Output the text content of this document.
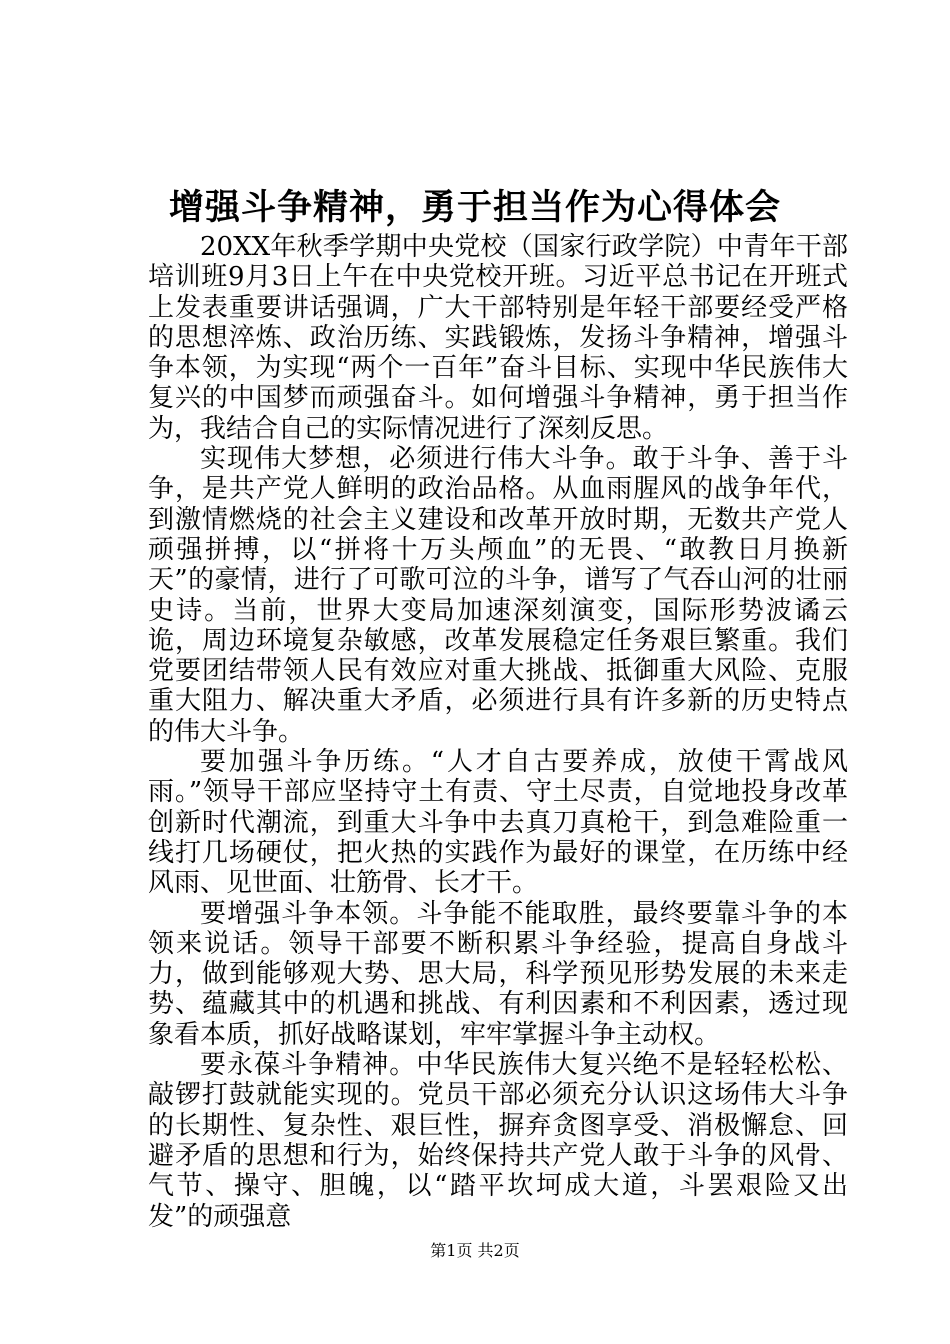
增强斗争精神，勇于担当作为心得体会

20XX年秋季学期中央党校（国家行政学院）中青年干部培训班9月3日上午在中央党校开班。习近平总书记在开班式上发表重要讲话强调，广大干部特别是年轻干部要经受严格的思想淬炼、政治历练、实践锻炼，发扬斗争精神，增强斗争本领，为实现“两个一百年”奋斗目标、实现中华民族伟大复兴的中国梦而顽强奋斗。如何增强斗争精神，勇于担当作为，我结合自己的实际情况进行了深刻反思。

实现伟大梦想，必须进行伟大斗争。敢于斗争、善于斗争，是共产党人鲜明的政治品格。从血雨腥风的战争年代，到激情燃烧的社会主义建设和改革开放时期，无数共产党人顽强拼搏，以“拼将十万头颅血”的无畏、“敢教日月换新天”的豪情，进行了可歌可泣的斗争，谱写了气吞山河的壮丽史诗。当前，世界大变局加速深刻演变，国际形势波谲云诡，周边环境复杂敏感，改革发展稳定任务艰巨繁重。我们党要团结带领人民有效应对重大挑战、抵御重大风险、克服重大阻力、解决重大矛盾，必须进行具有许多新的历史特点的伟大斗争。

要加强斗争历练。“人才自古要养成，放使干霄战风雨。”领导干部应坚持守土有责、守土尽责，自觉地投身改革创新时代潮流，到重大斗争中去真刀真枪干，到急难险重一线打几场硬仗，把火热的实践作为最好的课堂，在历练中经风雨、见世面、壮筋骨、长才干。

要增强斗争本领。斗争能不能取胜，最终要靠斗争的本领来说话。领导干部要不断积累斗争经验，提高自身战斗力，做到能够观大势、思大局，科学预见形势发展的未来走势、蕴藏其中的机遇和挑战、有利因素和不利因素，透过现象看本质，抓好战略谋划，牢牢掌握斗争主动权。

要永葆斗争精神。中华民族伟大复兴绝不是轻轻松松、敲锣打鼓就能实现的。党员干部必须充分认识这场伟大斗争的长期性、复杂性、艰巨性，摒弃贪图享受、消极懈怠、回避矛盾的思想和行为，始终保持共产党人敢于斗争的风骨、气节、操守、胆魄，以“踏平坎坷成大道，斗罢艰险又出发”的顽强意

第1页 共2页
